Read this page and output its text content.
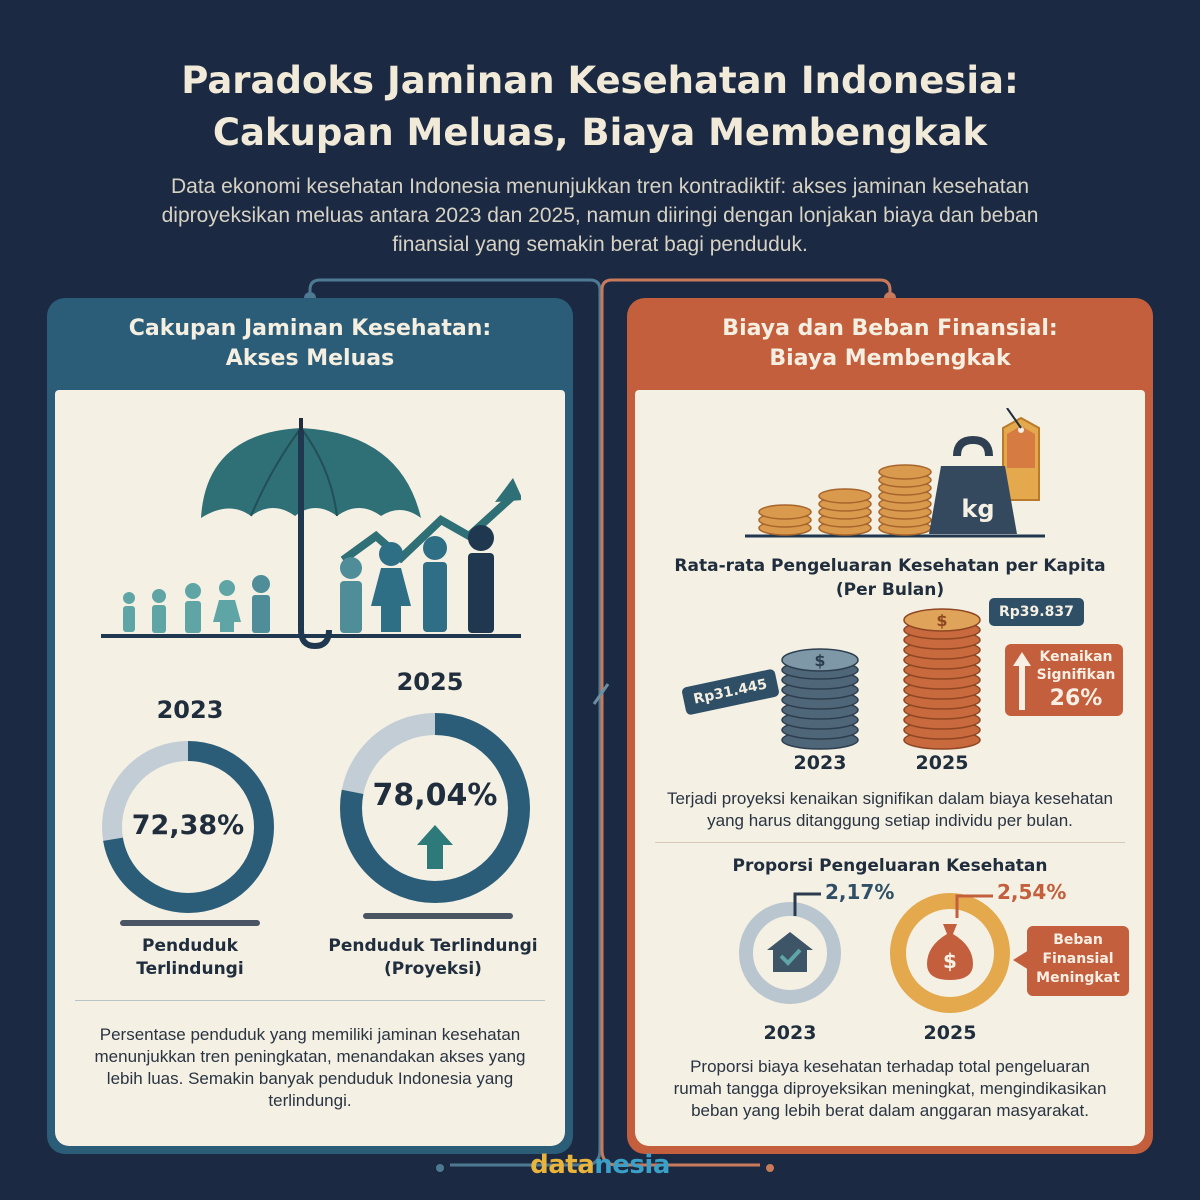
Paradoks Jaminan Kesehatan Indonesia:
Cakupan Meluas, Biaya Membengkak
Data ekonomi kesehatan Indonesia menunjukkan tren kontradiktif: akses jaminan kesehatan diproyeksikan meluas antara 2023 dan 2025, namun diiringi dengan lonjakan biaya dan beban finansial yang semakin berat bagi penduduk.
Cakupan Jaminan Kesehatan:
Akses Meluas
2023
2025
72,38%
78,04%
Penduduk Terlindungi
Penduduk Terlindungi
(Proyeksi)
Persentase penduduk yang memiliki jaminan kesehatan menunjukkan tren peningkatan, menandakan akses yang lebih luas. Semakin banyak penduduk Indonesia yang terlindungi.
Biaya dan Beban Finansial:
Biaya Membengkak
kg
Rata-rata Pengeluaran Kesehatan per Kapita
(Per Bulan)
$
$
Rp31.445
Rp39.837
Kenaikan
Signifikan
26%
2023	2025
Terjadi proyeksi kenaikan signifikan dalam biaya kesehatan yang harus ditanggung setiap individu per bulan.
Proporsi Pengeluaran Kesehatan
2,17%
$
2,54%
Beban
Finansial
Meningkat
2023	2025
Proporsi biaya kesehatan terhadap total pengeluaran rumah tangga diproyeksikan meningkat, mengindikasikan beban yang lebih berat dalam anggaran masyarakat.
datanesia
